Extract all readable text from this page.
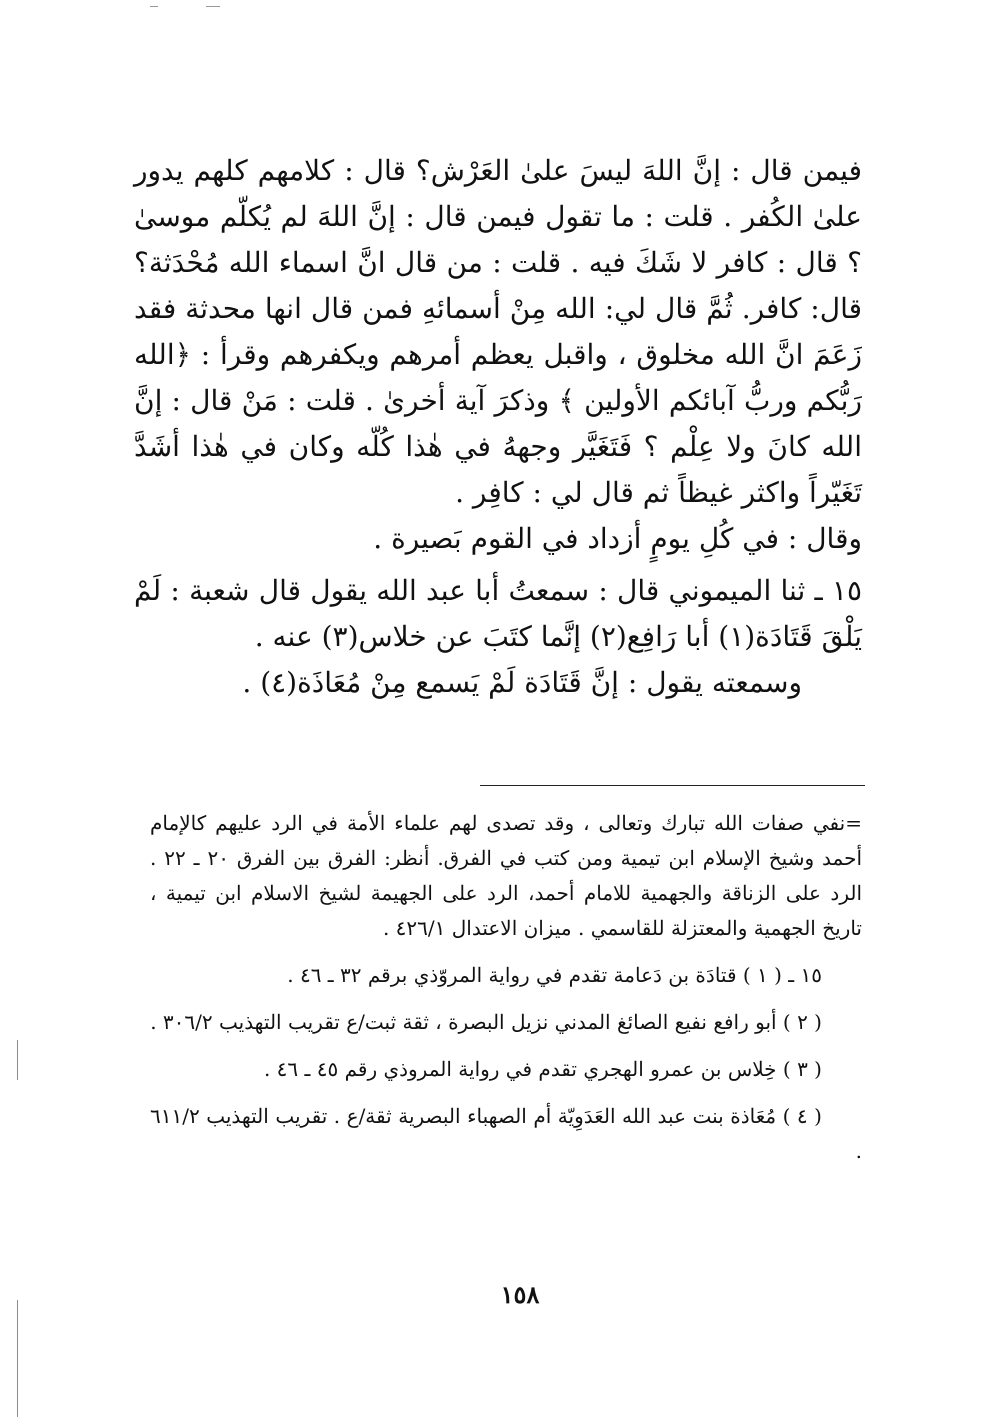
فيمن قال : إنَّ اللهَ ليسَ علىٰ العَرْش؟ قال : كلامهم كلهم يدور علىٰ الكُفر . قلت : ما تقول فيمن قال : إنَّ اللهَ لم يُكلّم موسىٰ ؟ قال : كافر لا شَكَ فيه . قلت : من قال انَّ اسماء الله مُحْدَثة؟ قال: كافر. ثُمَّ قال لي: الله مِنْ أسمائهِ فمن قال انها محدثة فقد زَعَمَ انَّ الله مخلوق ، واقبل يعظم أمرهم ويكفرهم وقرأ : ﴿الله رَبُّكم وربُّ آبائكم الأولين ﴾ وذكرَ آية أخرىٰ . قلت : مَنْ قال : إنَّ الله كانَ ولا عِلْم ؟ فَتَغَيَّر وجههُ في هٰذا كُلّه وكان في هٰذا أشَدَّ تَغَيّراً واكثر غيظاً ثم قال لي : كافِر .

وقال : في كُلِ يومٍ أزداد في القوم بَصيرة .

١٥ ـ ثنا الميموني قال : سمعتُ أبا عبد الله يقول قال شعبة : لَمْ يَلْقَ قَتَادَة(١) أبا رَافِع(٢) إنَّما كتَبَ عن خلاس(٣) عنه .

وسمعته يقول : إنَّ قَتَادَة لَمْ يَسمع مِنْ مُعَاذَة(٤) .

=نفي صفات الله تبارك وتعالى ، وقد تصدى لهم علماء الأمة في الرد عليهم كالإمام أحمد وشيخ الإسلام ابن تيمية ومن كتب في الفرق. أنظر: الفرق بين الفرق ٢٠ ـ ٢٢ . الرد على الزناقة والجهمية للامام أحمد، الرد على الجهيمة لشيخ الاسلام ابن تيمية ، تاريخ الجهمية والمعتزلة للقاسمي . ميزان الاعتدال ٤٢٦/١ .

١٥ ـ ( ١ ) قتادَة بن دَعامة تقدم في رواية المروّذي برقم ٣٢ ـ ٤٦ .

( ٢ ) أبو رافع نفيع الصائغ المدني نزيل البصرة ، ثقة ثبت/ع تقريب التهذيب ٣٠٦/٢ .

( ٣ ) خِلاس بن عمرو الهجري تقدم في رواية المروذي رقم ٤٥ ـ ٤٦ .

( ٤ ) مُعَاذة بنت عبد الله العَدَوِيّة أم الصهباء البصرية ثقة/ع . تقريب التهذيب ٦١١/٢ .

١٥٨
